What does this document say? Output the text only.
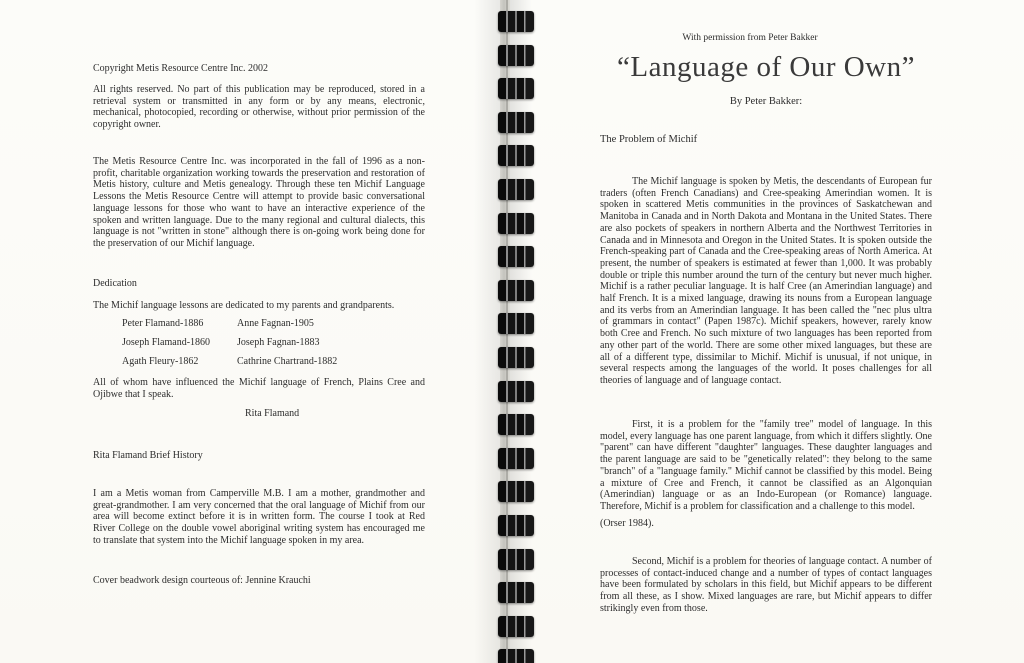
Copyright Metis Resource Centre Inc. 2002
All rights reserved. No part of this publication may be reproduced, stored in a retrieval system or transmitted in any form or by any means, electronic, mechanical, photocopied, recording or otherwise, without prior permission of the copyright owner.
The Metis Resource Centre Inc. was incorporated in the fall of 1996 as a non-profit, charitable organization working towards the preservation and restoration of Metis history, culture and Metis genealogy. Through these ten Michif Language Lessons the Metis Resource Centre will attempt to provide basic conversational language lessons for those who want to have an interactive experience of the spoken and written language. Due to the many regional and cultural dialects, this language is not "written in stone" although there is on-going work being done for the preservation of our Michif language.
Dedication
The Michif language lessons are dedicated to my parents and grandparents.
Peter Flamand-1886	Anne Fagnan-1905
Joseph Flamand-1860	Joseph Fagnan-1883
Agath Fleury-1862	Cathrine Chartrand-1882
All of whom have influenced the Michif language of French, Plains Cree and Ojibwe that I speak.
Rita Flamand
Rita Flamand Brief History
I am a Metis woman from Camperville M.B. I am a mother, grandmother and great-grandmother. I am very concerned that the oral language of Michif from our area will become extinct before it is in written form. The course I took at Red River College on the double vowel aboriginal writing system has encouraged me to translate that system into the Michif language spoken in my area.
Cover beadwork design courteous of: Jennine Krauchi
With permission from Peter Bakker
“Language of Our Own”
By Peter Bakker:
The Problem of Michif
The Michif language is spoken by Metis, the descendants of European fur traders (often French Canadians) and Cree-speaking Amerindian women. It is spoken in scattered Metis communities in the provinces of Saskatchewan and Manitoba in Canada and in North Dakota and Montana in the United States. There are also pockets of speakers in northern Alberta and the Northwest Territories in Canada and in Minnesota and Oregon in the United States. It is spoken outside the French-speaking part of Canada and the Cree-speaking areas of North America. At present, the number of speakers is estimated at fewer than 1,000. It was probably double or triple this number around the turn of the century but never much higher. Michif is a rather peculiar language. It is half Cree (an Amerindian language) and half French. It is a mixed language, drawing its nouns from a European language and its verbs from an Amerindian language. It has been called the "nec plus ultra of grammars in contact" (Papen 1987c). Michif speakers, however, rarely know both Cree and French. No such mixture of two languages has been reported from any other part of the world. There are some other mixed languages, but these are all of a different type, dissimilar to Michif. Michif is unusual, if not unique, in several respects among the languages of the world. It poses challenges for all theories of language and of language contact.
First, it is a problem for the "family tree" model of language. In this model, every language has one parent language, from which it differs slightly. One "parent" can have different "daughter" languages. These daughter languages and the parent language are said to be "genetically related": they belong to the same "branch" of a "language family." Michif cannot be classified by this model. Being a mixture of Cree and French, it cannot be classified as an Algonquian (Amerindian) language or as an Indo-European (or Romance) language. Therefore, Michif is a problem for classification and a challenge to this model.
(Orser 1984).
Second, Michif is a problem for theories of language contact. A number of processes of contact-induced change and a number of types of contact languages have been formulated by scholars in this field, but Michif appears to be different from all these, as I show. Mixed languages are rare, but Michif appears to differ strikingly even from those.
